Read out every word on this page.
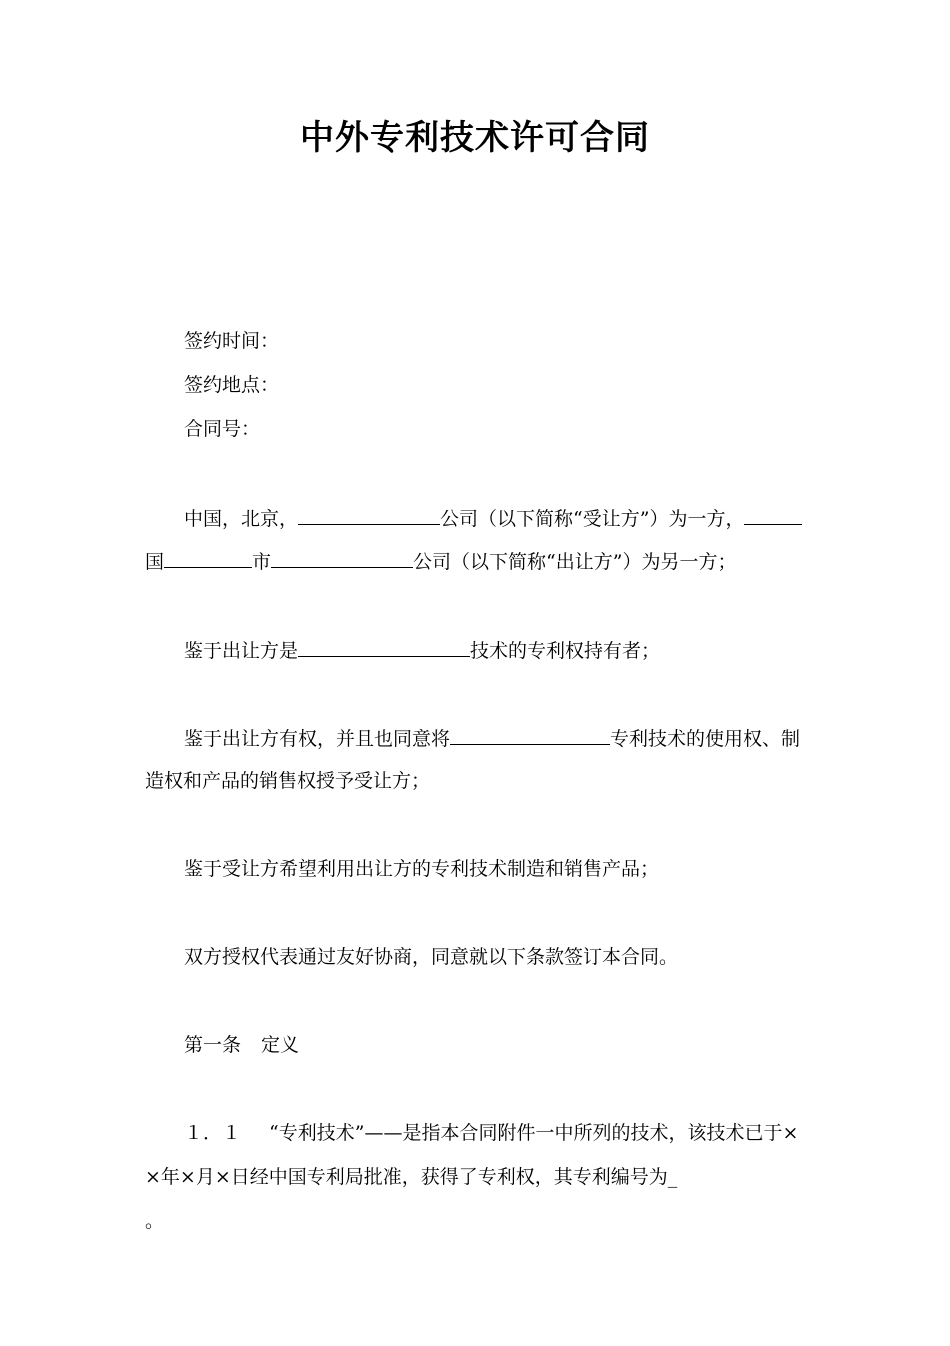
中外专利技术许可合同
签约时间：
签约地点：
合同号：
中国，北京，	公司（以下简称“受让方”）为一方，
国	市	公司（以下简称“出让方”）为另一方；
鉴于出让方是	技术的专利权持有者；
鉴于出让方有权，并且也同意将	专利技术的使用权、制
造权和产品的销售权授予受让方；
鉴于受让方希望利用出让方的专利技术制造和销售产品；
双方授权代表通过友好协商，同意就以下条款签订本合同。
第一条 定义
１．１ “专利技术”——是指本合同附件一中所列的技术，该技术已于×
×年×月×日经中国专利局批准，获得了专利权，其专利编号为_
。
